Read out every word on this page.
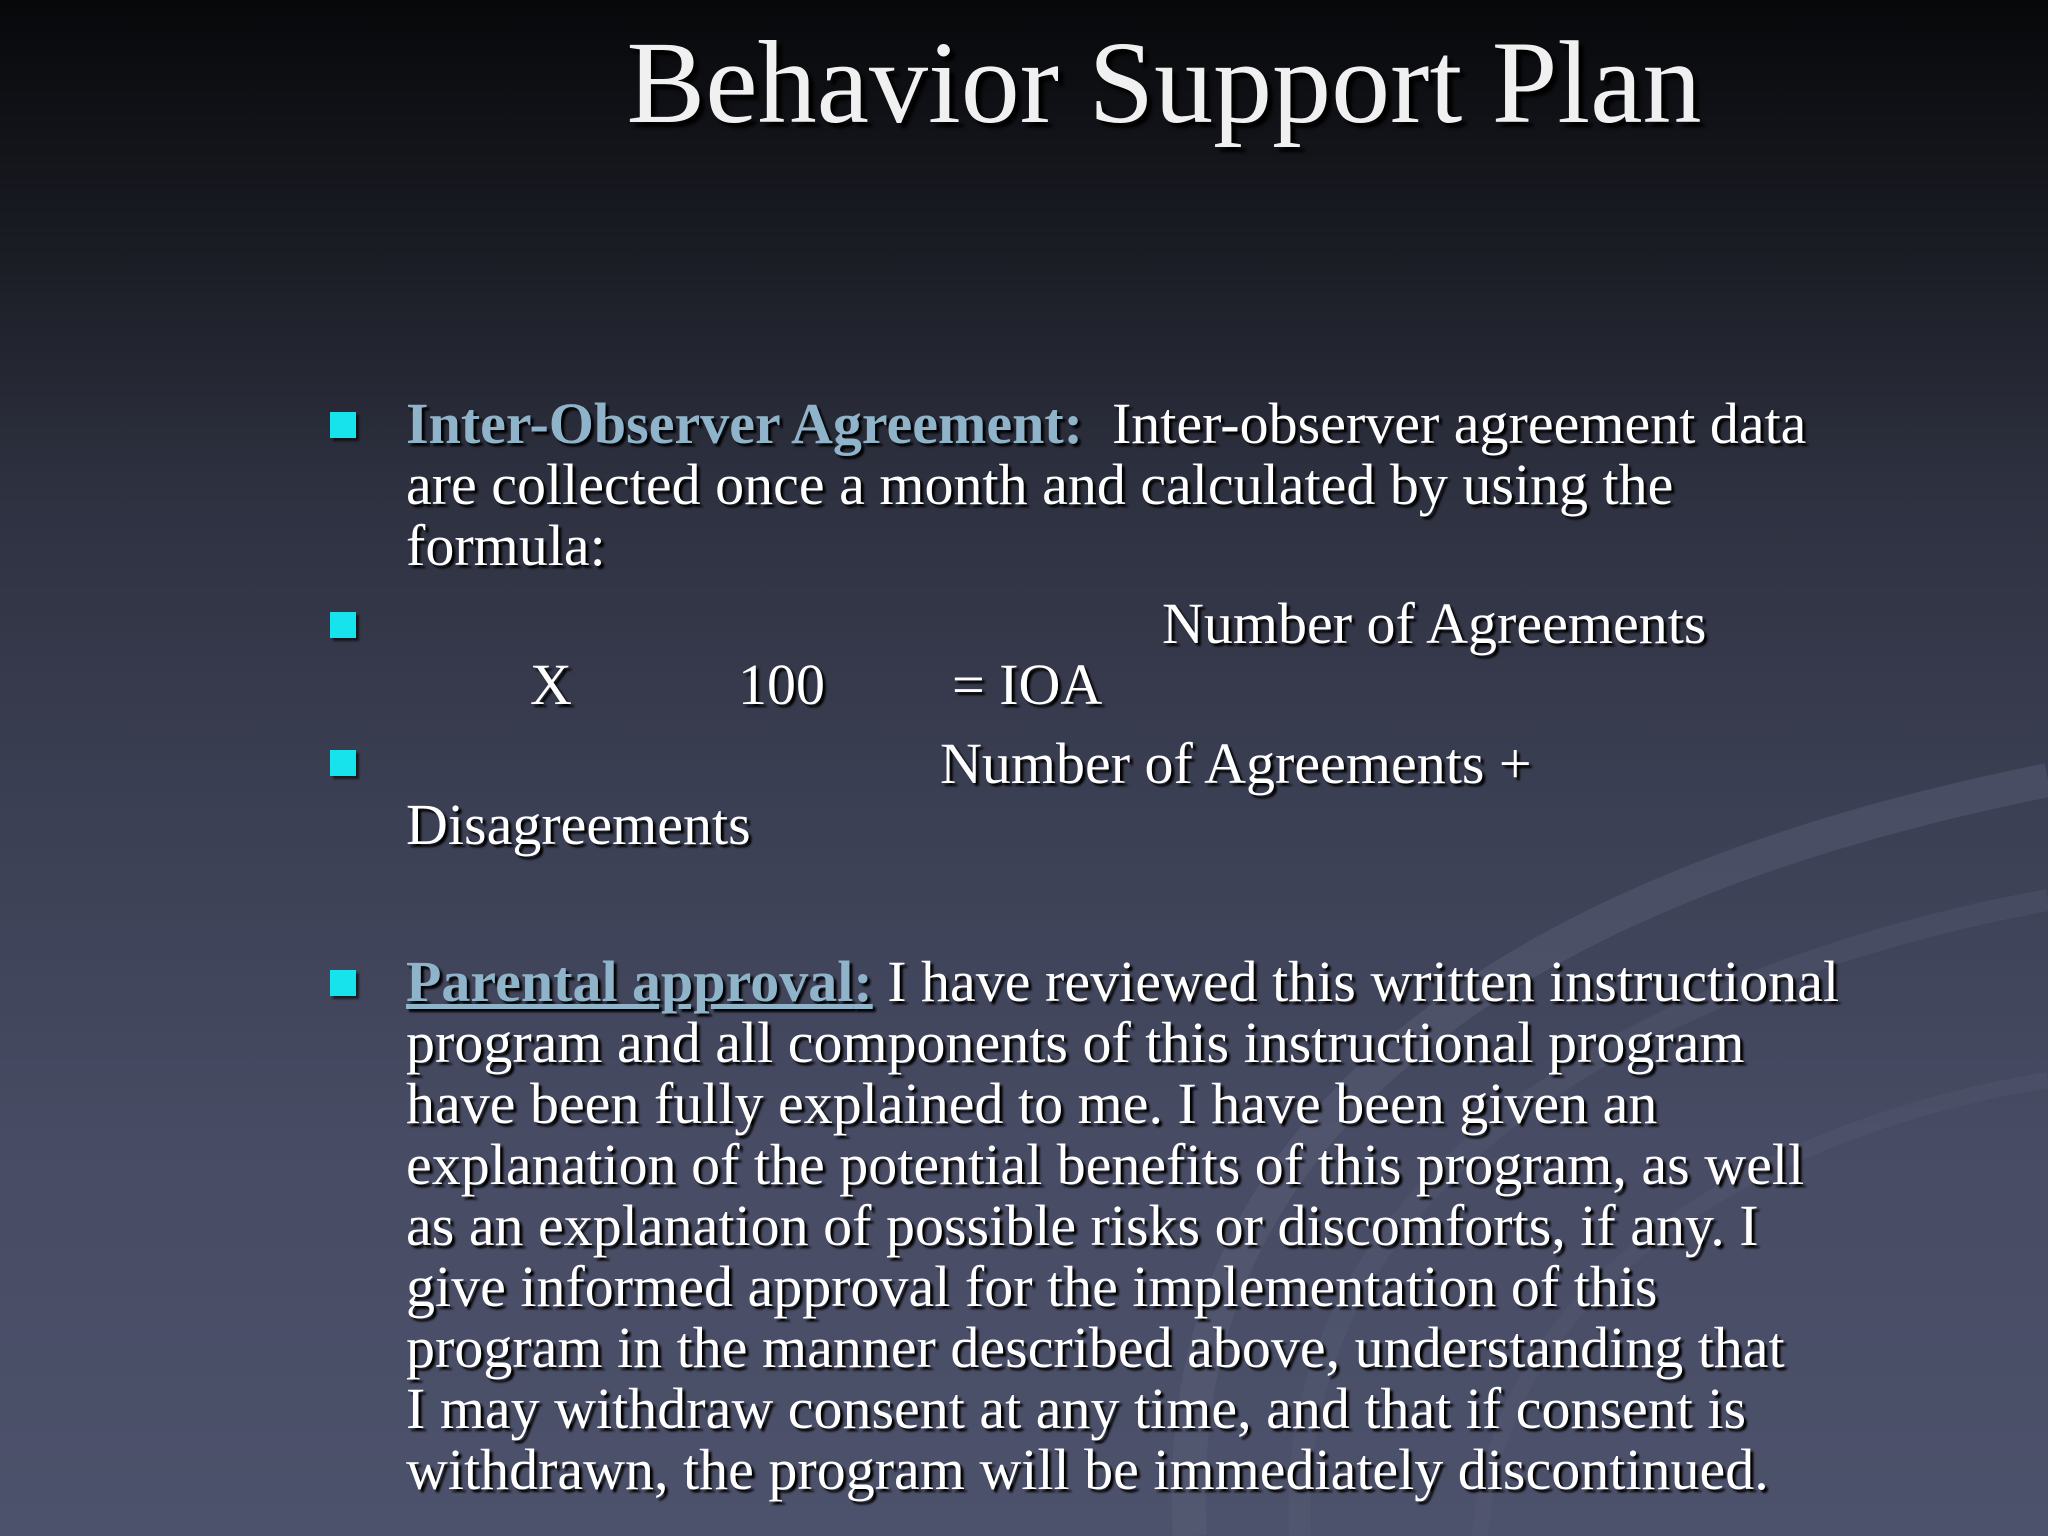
Behavior Support Plan
Inter-Observer Agreement: Inter-observer agreement data
are collected once a month and calculated by using the
formula:
Number of Agreements
X	100 = IOA
Number of Agreements +
Disagreements
Parental approval: I have reviewed this written instructional
program and all components of this instructional program
have been fully explained to me. I have been given an
explanation of the potential benefits of this program, as well
as an explanation of possible risks or discomforts, if any. I
give informed approval for the implementation of this
program in the manner described above, understanding that
I may withdraw consent at any time, and that if consent is
withdrawn, the program will be immediately discontinued.
